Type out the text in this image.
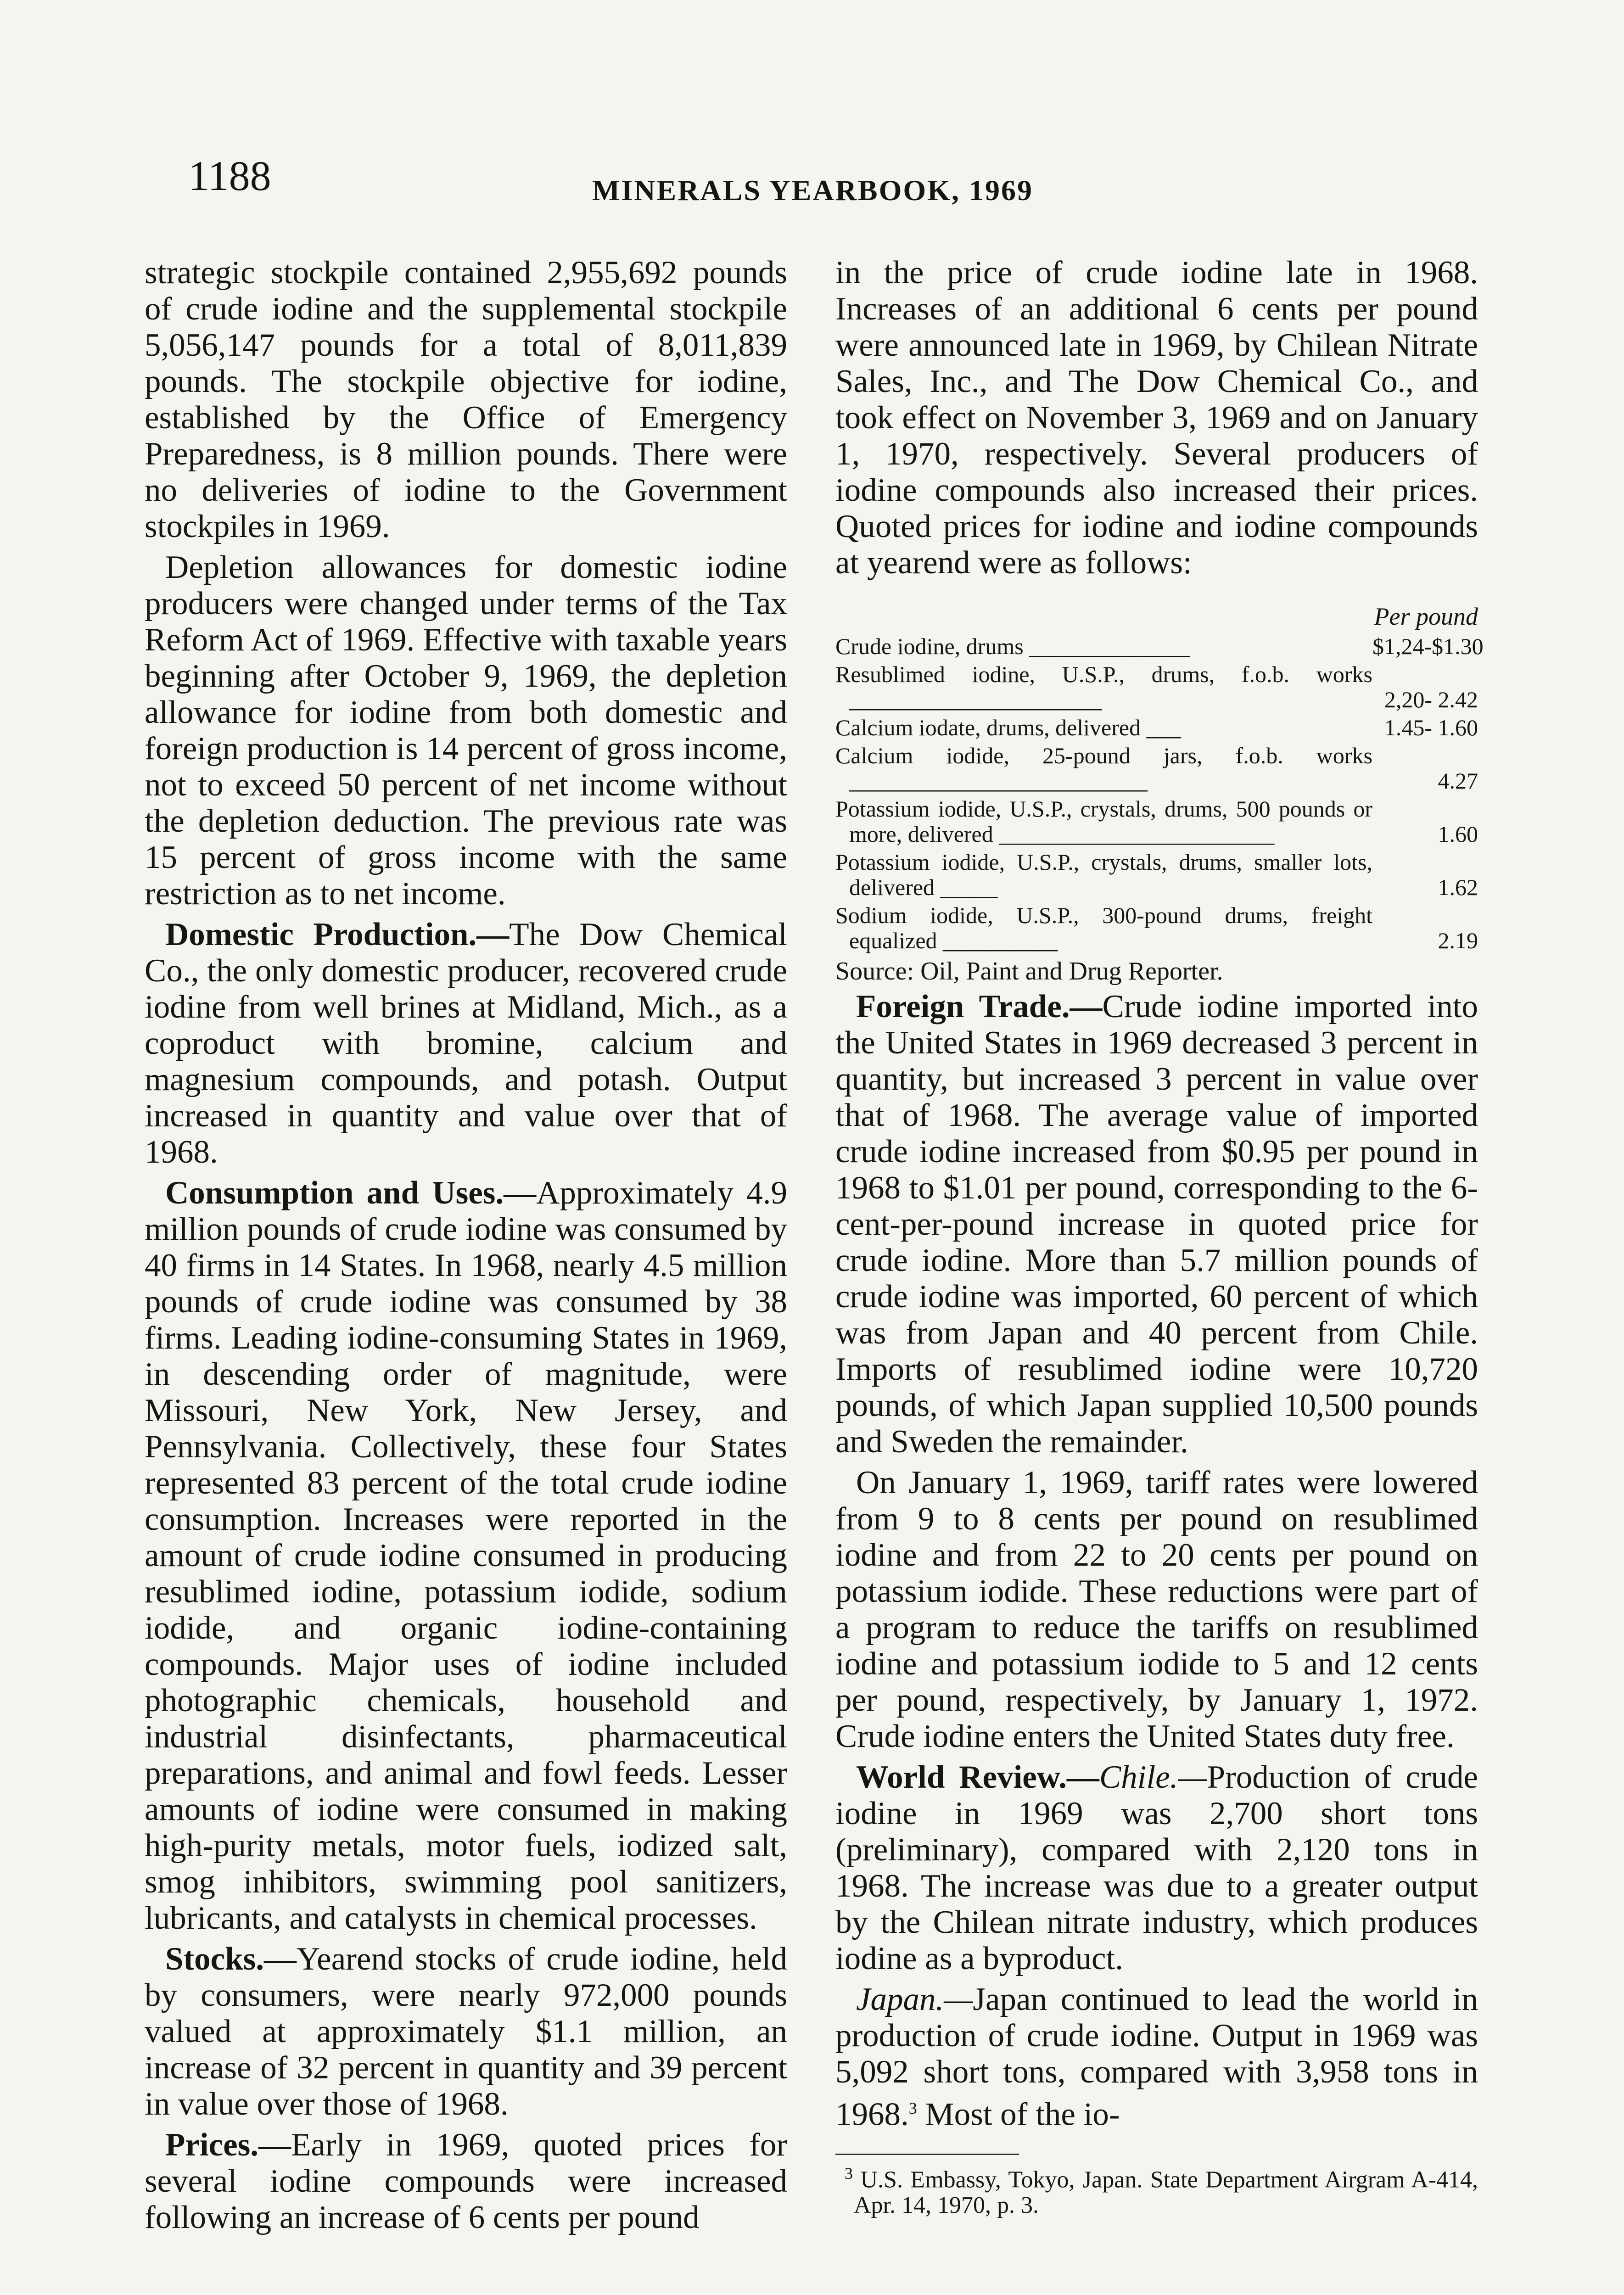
1188	MINERALS YEARBOOK, 1969

strategic stockpile contained 2,955,692 pounds of crude iodine and the supplemental stockpile 5,056,147 pounds for a total of 8,011,839 pounds. The stockpile objective for iodine, established by the Office of Emergency Preparedness, is 8 million pounds. There were no deliveries of iodine to the Government stockpiles in 1969.

Depletion allowances for domestic iodine producers were changed under terms of the Tax Reform Act of 1969. Effective with taxable years beginning after October 9, 1969, the depletion allowance for iodine from both domestic and foreign production is 14 percent of gross income, not to exceed 50 percent of net income without the depletion deduction. The previous rate was 15 percent of gross income with the same restriction as to net income.

Domestic Production.—The Dow Chemical Co., the only domestic producer, recovered crude iodine from well brines at Midland, Mich., as a coproduct with bromine, calcium and magnesium compounds, and potash. Output increased in quantity and value over that of 1968.

Consumption and Uses.—Approximately 4.9 million pounds of crude iodine was consumed by 40 firms in 14 States. In 1968, nearly 4.5 million pounds of crude iodine was consumed by 38 firms. Leading iodine-consuming States in 1969, in descending order of magnitude, were Missouri, New York, New Jersey, and Pennsylvania. Collectively, these four States represented 83 percent of the total crude iodine consumption. Increases were reported in the amount of crude iodine consumed in producing resublimed iodine, potassium iodide, sodium iodide, and organic iodine-containing compounds. Major uses of iodine included photographic chemicals, household and industrial disinfectants, pharmaceutical preparations, and animal and fowl feeds. Lesser amounts of iodine were consumed in making high-purity metals, motor fuels, iodized salt, smog inhibitors, swimming pool sanitizers, lubricants, and catalysts in chemical processes.

Stocks.—Yearend stocks of crude iodine, held by consumers, were nearly 972,000 pounds valued at approximately $1.1 million, an increase of 32 percent in quantity and 39 percent in value over those of 1968.

Prices.—Early in 1969, quoted prices for several iodine compounds were increased following an increase of 6 cents per pound

in the price of crude iodine late in 1968. Increases of an additional 6 cents per pound were announced late in 1969, by Chilean Nitrate Sales, Inc., and The Dow Chemical Co., and took effect on November 3, 1969 and on January 1, 1970, respectively. Several producers of iodine compounds also increased their prices. Quoted prices for iodine and iodine compounds at yearend were as follows:

Per pound
Crude iodine, drums ______________	$1,24-$1.30
Resublimed iodine, U.S.P., drums, f.o.b. works ______________________	2,20- 2.42
Calcium iodate, drums, delivered ___	1.45- 1.60
Calcium iodide, 25-pound jars, f.o.b. works __________________________	4.27
Potassium iodide, U.S.P., crystals, drums, 500 pounds or more, delivered ________________________	1.60
Potassium iodide, U.S.P., crystals, drums, smaller lots, delivered _____	1.62
Sodium iodide, U.S.P., 300-pound drums, freight equalized __________	2.19
Source: Oil, Paint and Drug Reporter.

Foreign Trade.—Crude iodine imported into the United States in 1969 decreased 3 percent in quantity, but increased 3 percent in value over that of 1968. The average value of imported crude iodine increased from $0.95 per pound in 1968 to $1.01 per pound, corresponding to the 6-cent-per-pound increase in quoted price for crude iodine. More than 5.7 million pounds of crude iodine was imported, 60 percent of which was from Japan and 40 percent from Chile. Imports of resublimed iodine were 10,720 pounds, of which Japan supplied 10,500 pounds and Sweden the remainder.

On January 1, 1969, tariff rates were lowered from 9 to 8 cents per pound on resublimed iodine and from 22 to 20 cents per pound on potassium iodide. These reductions were part of a program to reduce the tariffs on resublimed iodine and potassium iodide to 5 and 12 cents per pound, respectively, by January 1, 1972. Crude iodine enters the United States duty free.

World Review.—Chile.—Production of crude iodine in 1969 was 2,700 short tons (preliminary), compared with 2,120 tons in 1968. The increase was due to a greater output by the Chilean nitrate industry, which produces iodine as a byproduct.

Japan.—Japan continued to lead the world in production of crude iodine. Output in 1969 was 5,092 short tons, compared with 3,958 tons in 1968.$^3$ Most of the io-

$^3$ U.S. Embassy, Tokyo, Japan. State Department Airgram A-414, Apr. 14, 1970, p. 3.
